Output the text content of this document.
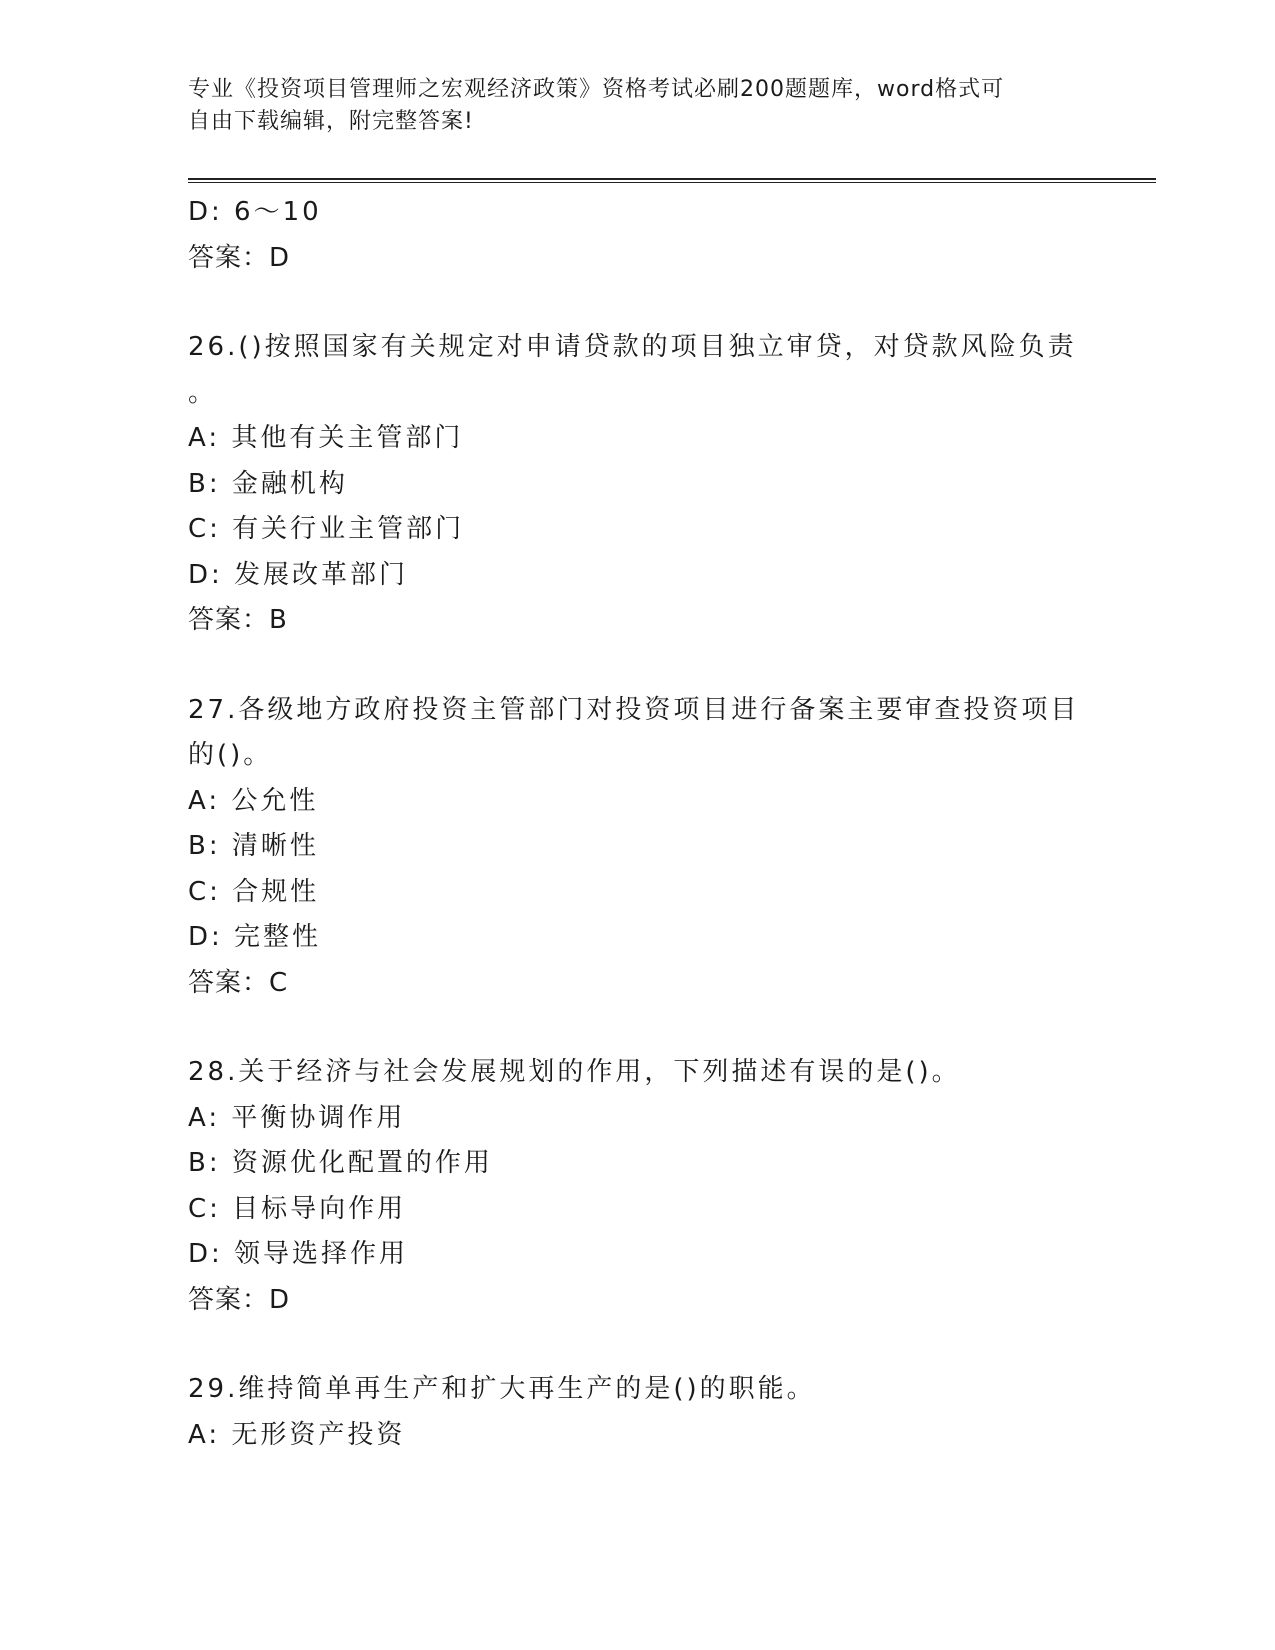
专业《投资项目管理师之宏观经济政策》资格考试必刷200题题库，word格式可
自由下载编辑，附完整答案!
D: 6～10
答案：D
26.()按照国家有关规定对申请贷款的项目独立审贷，对贷款风险负责
。
A: 其他有关主管部门
B: 金融机构
C: 有关行业主管部门
D: 发展改革部门
答案：B
27.各级地方政府投资主管部门对投资项目进行备案主要审查投资项目
的()。
A: 公允性
B: 清晰性
C: 合规性
D: 完整性
答案：C
28.关于经济与社会发展规划的作用，下列描述有误的是()。
A: 平衡协调作用
B: 资源优化配置的作用
C: 目标导向作用
D: 领导选择作用
答案：D
29.维持简单再生产和扩大再生产的是()的职能。
A: 无形资产投资
